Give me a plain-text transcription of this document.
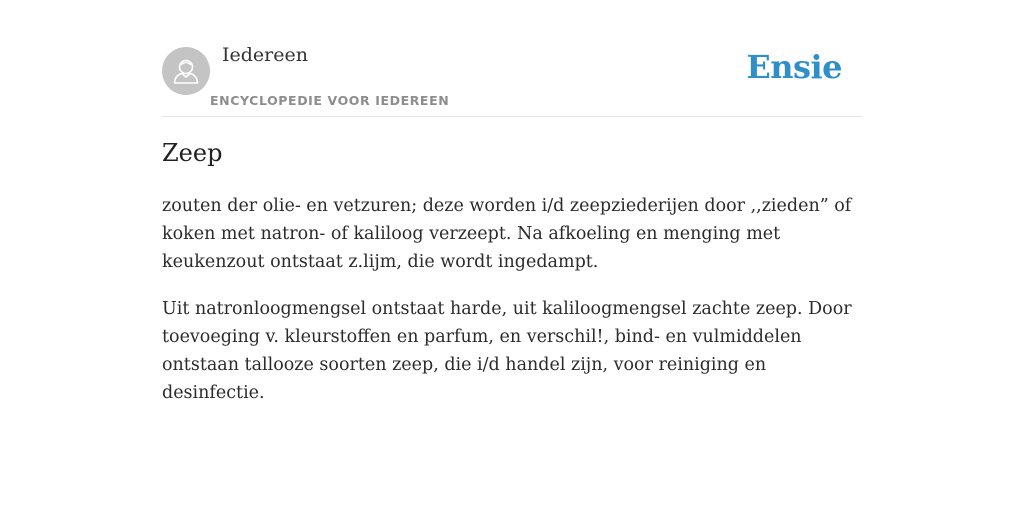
Iedereen
ENCYCLOPEDIE VOOR IEDEREEN
Ensie
Zeep

zouten der olie- en vetzuren; deze worden i/d zeepziederijen door ,,zieden” of koken met natron- of kaliloog verzeept. Na afkoeling en menging met keukenzout ontstaat z.lijm, die wordt ingedampt.

Uit natronloogmengsel ontstaat harde, uit kaliloogmengsel zachte zeep. Door toevoeging v. kleurstoffen en parfum, en verschil!, bind- en vulmiddelen ontstaan tallooze soorten zeep, die i/d handel zijn, voor reiniging en desinfectie.
